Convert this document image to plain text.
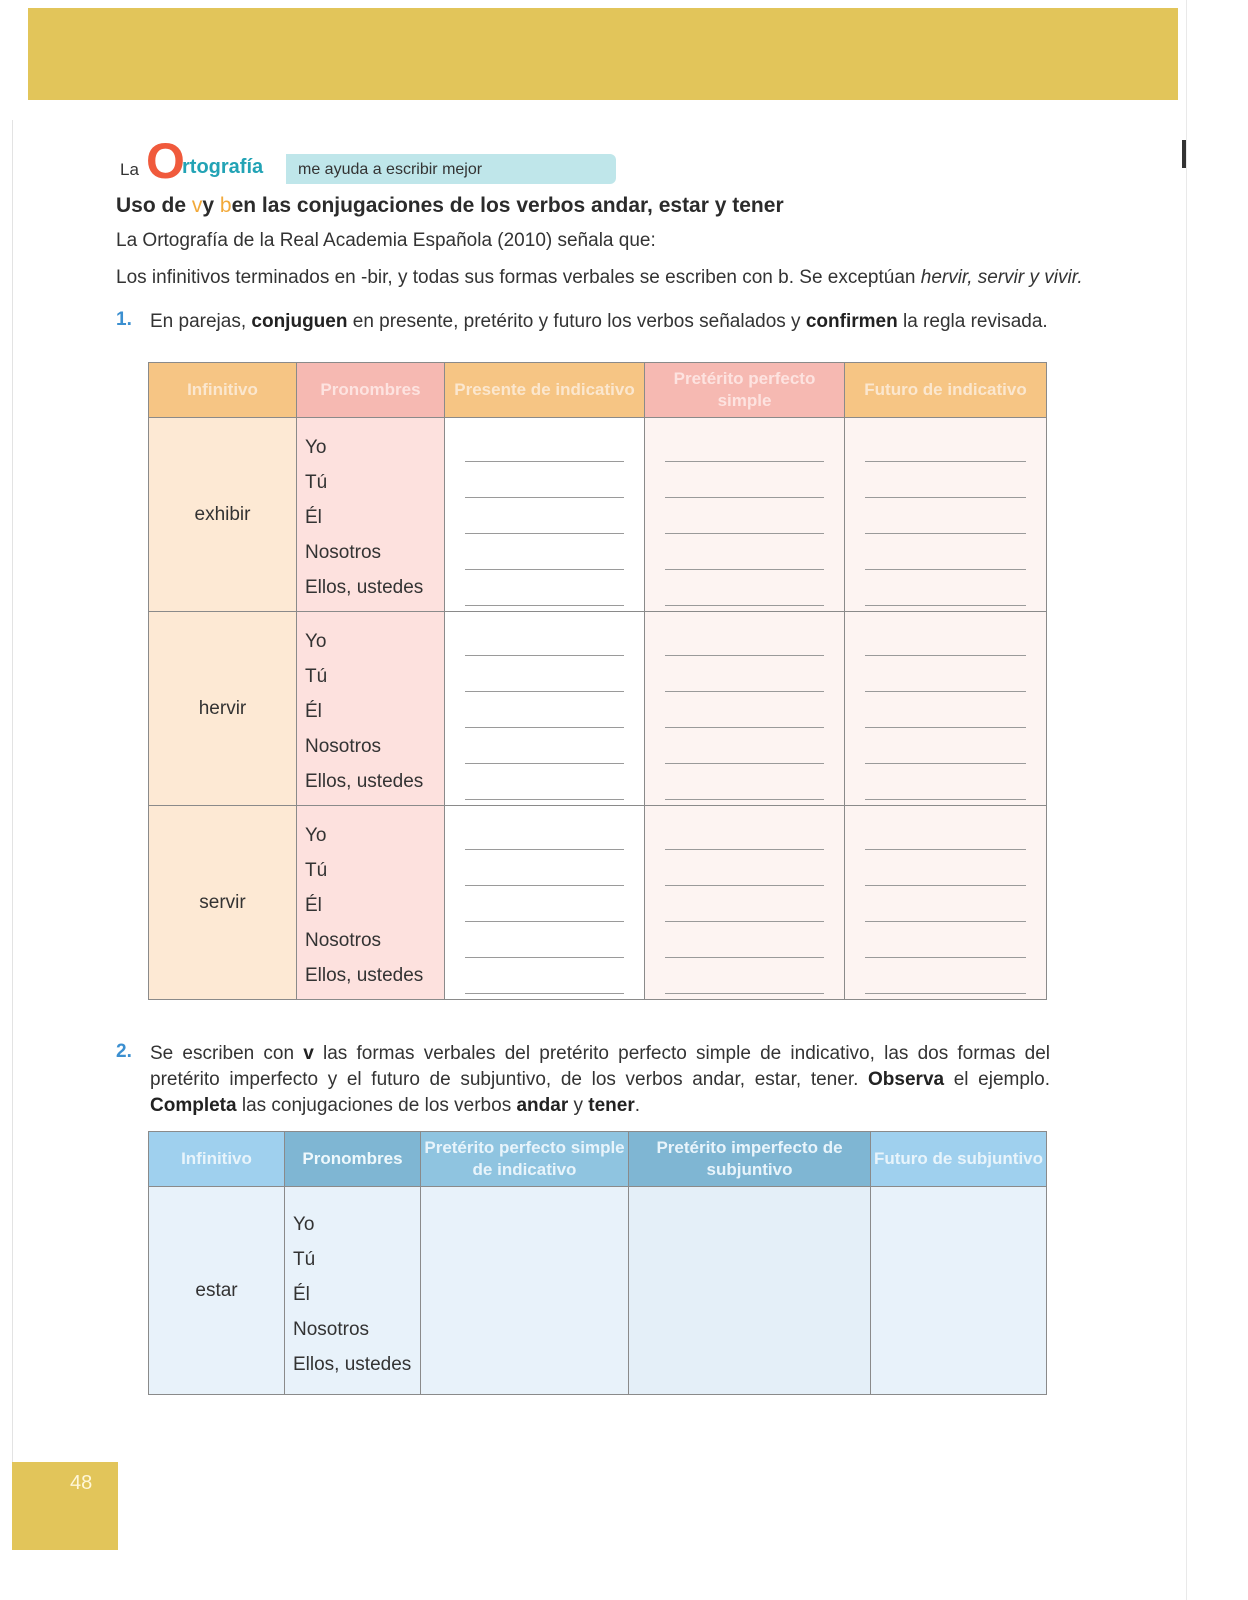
La O
rtografía me ayuda a escribir mejor
Uso de vy ben las conjugaciones de los verbos andar, estar y tener
La Ortografía de la Real Academia Española (2010) señala que:
Los infinitivos terminados en -bir, y todas sus formas verbales se escriben con b. Se exceptúan hervir, servir y vivir.
1. En parejas, conjuguen en presente, pretérito y futuro los verbos señalados y confirmen la regla revisada.
Infinitivo	Pronombres	Presente de indicativo	Pretérito perfecto simple	Futuro de indicativo
exhibir	Yo
Tú
Él
Nosotros
Ellos, ustedes			

hervir	Yo
Tú
Él
Nosotros
Ellos, ustedes			

servir	Yo
Tú
Él
Nosotros
Ellos, ustedes			

2. Se escriben con v las formas verbales del pretérito perfecto simple de indicativo, las dos formas del pretérito imperfecto y el futuro de subjuntivo, de los verbos andar, estar, tener. Observa el ejemplo. Completa las conjugaciones de los verbos andar y tener.
Infinitivo	Pronombres	Pretérito perfecto simple de indicativo	Pretérito imperfecto de subjuntivo	Futuro de subjuntivo
estar	Yo
Tú
Él
Nosotros
Ellos, ustedes			

48
